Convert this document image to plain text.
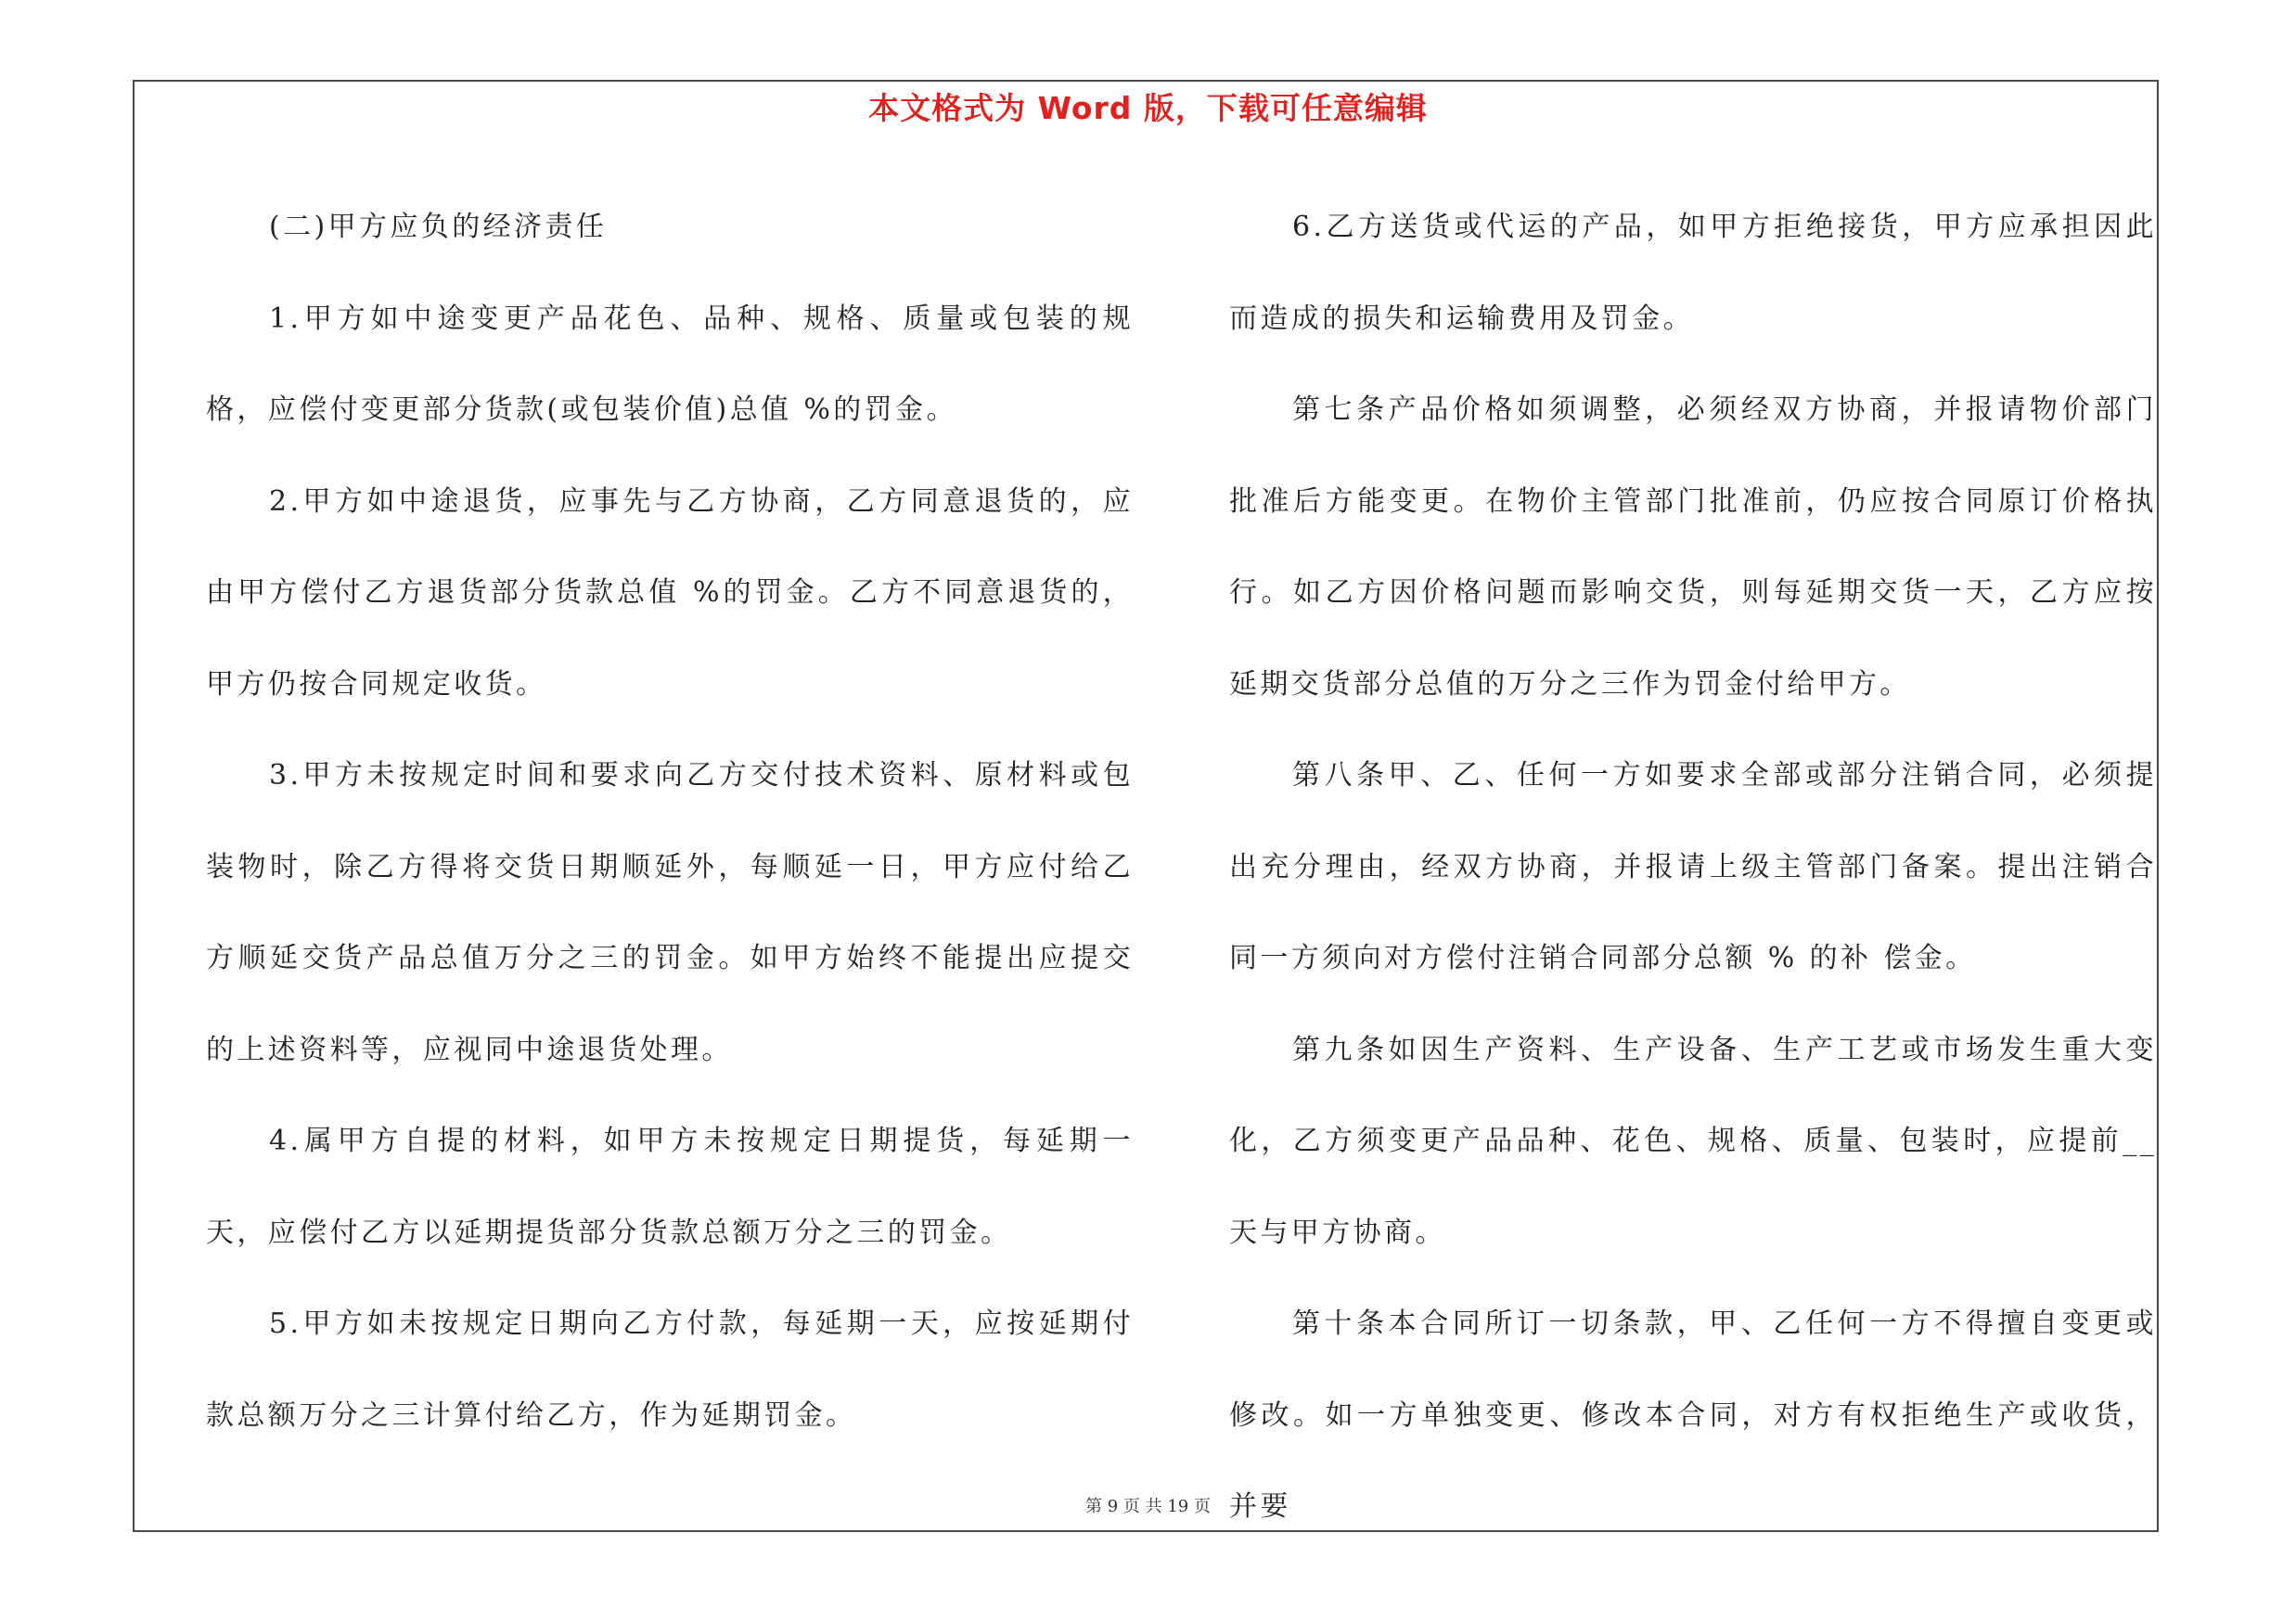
本文格式为 Word 版，下载可任意编辑

(二)甲方应负的经济责任

1.甲方如中途变更产品花色、品种、规格、质量或包装的规格，应偿付变更部分货款(或包装价值)总值 %的罚金。

2.甲方如中途退货，应事先与乙方协商，乙方同意退货的，应由甲方偿付乙方退货部分货款总值 %的罚金。乙方不同意退货的，甲方仍按合同规定收货。

3.甲方未按规定时间和要求向乙方交付技术资料、原材料或包装物时，除乙方得将交货日期顺延外，每顺延一日，甲方应付给乙方顺延交货产品总值万分之三的罚金。如甲方始终不能提出应提交的上述资料等，应视同中途退货处理。

4.属甲方自提的材料，如甲方未按规定日期提货，每延期一天，应偿付乙方以延期提货部分货款总额万分之三的罚金。

5.甲方如未按规定日期向乙方付款，每延期一天，应按延期付款总额万分之三计算付给乙方，作为延期罚金。

6.乙方送货或代运的产品，如甲方拒绝接货，甲方应承担因此而造成的损失和运输费用及罚金。

第七条产品价格如须调整，必须经双方协商，并报请物价部门批准后方能变更。在物价主管部门批准前，仍应按合同原订价格执行。如乙方因价格问题而影响交货，则每延期交货一天，乙方应按延期交货部分总值的万分之三作为罚金付给甲方。

第八条甲、乙、任何一方如要求全部或部分注销合同，必须提出充分理由，经双方协商，并报请上级主管部门备案。提出注销合同一方须向对方偿付注销合同部分总额 % 的补 偿金。

第九条如因生产资料、生产设备、生产工艺或市场发生重大变化，乙方须变更产品品种、花色、规格、质量、包装时，应提前__天与甲方协商。

第十条本合同所订一切条款，甲、乙任何一方不得擅自变更或修改。如一方单独变更、修改本合同，对方有权拒绝生产或收货，并要

第 9 页 共 19 页
